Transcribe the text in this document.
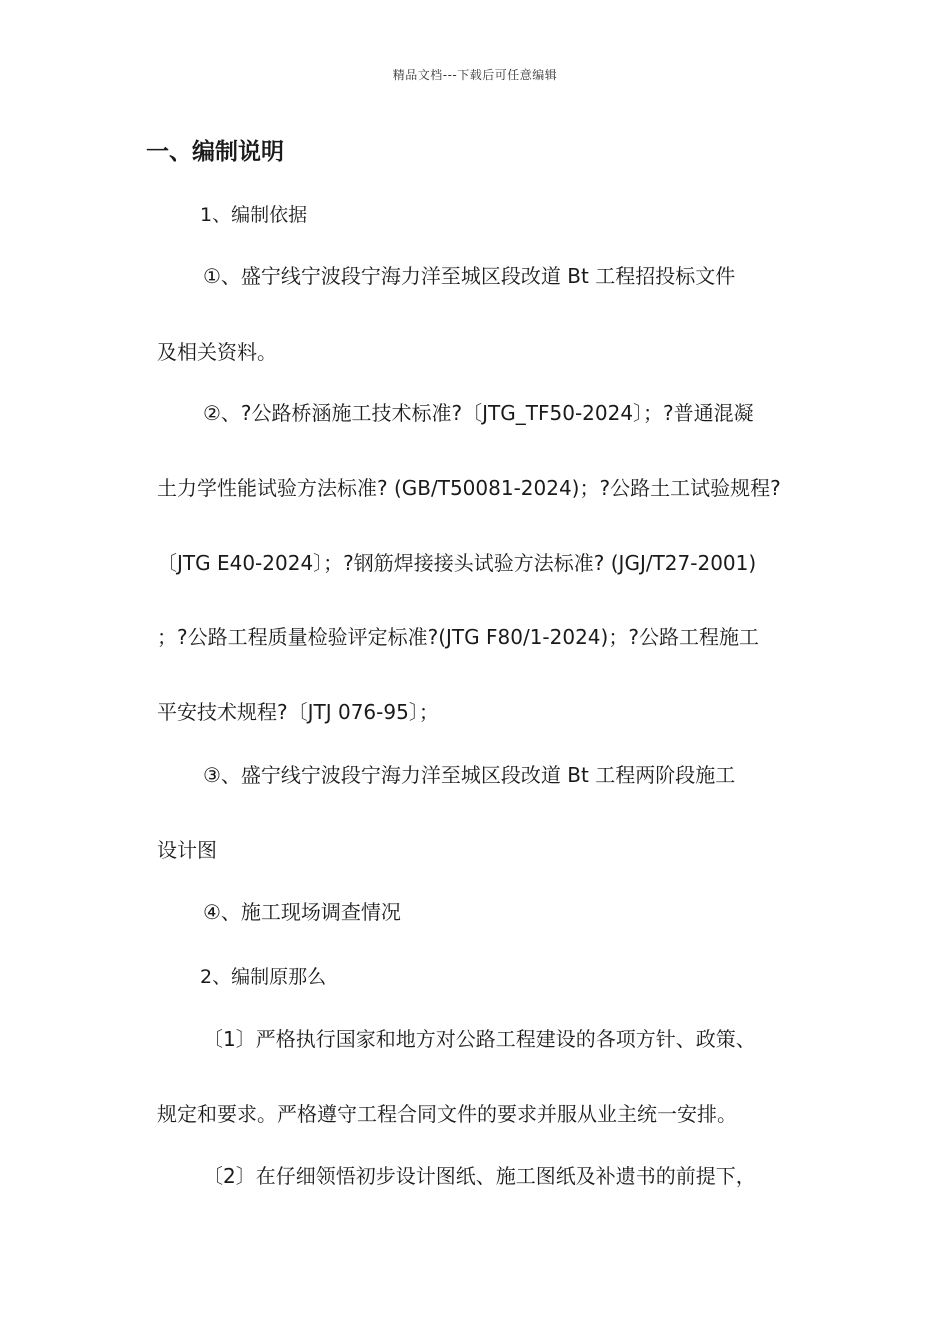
精品文档---下载后可任意编辑
一、编制说明
1、编制依据
①、盛宁线宁波段宁海力洋至城区段改道 Bt 工程招投标文件
及相关资料。
②、?公路桥涵施工技术标准?〔JTG_TF50-2024〕；?普通混凝
土力学性能试验方法标准? (GB/T50081-2024)；?公路土工试验规程?
〔JTG E40-2024〕；?钢筋焊接接头试验方法标准? (JGJ/T27-2001)
；?公路工程质量检验评定标准?(JTG F80/1-2024)；?公路工程施工
平安技术规程?〔JTJ 076-95〕；
③、盛宁线宁波段宁海力洋至城区段改道 Bt 工程两阶段施工
设计图
④、施工现场调查情况
2、编制原那么
〔1〕严格执行国家和地方对公路工程建设的各项方针、政策、
规定和要求。严格遵守工程合同文件的要求并服从业主统一安排。
〔2〕在仔细领悟初步设计图纸、施工图纸及补遗书的前提下，
